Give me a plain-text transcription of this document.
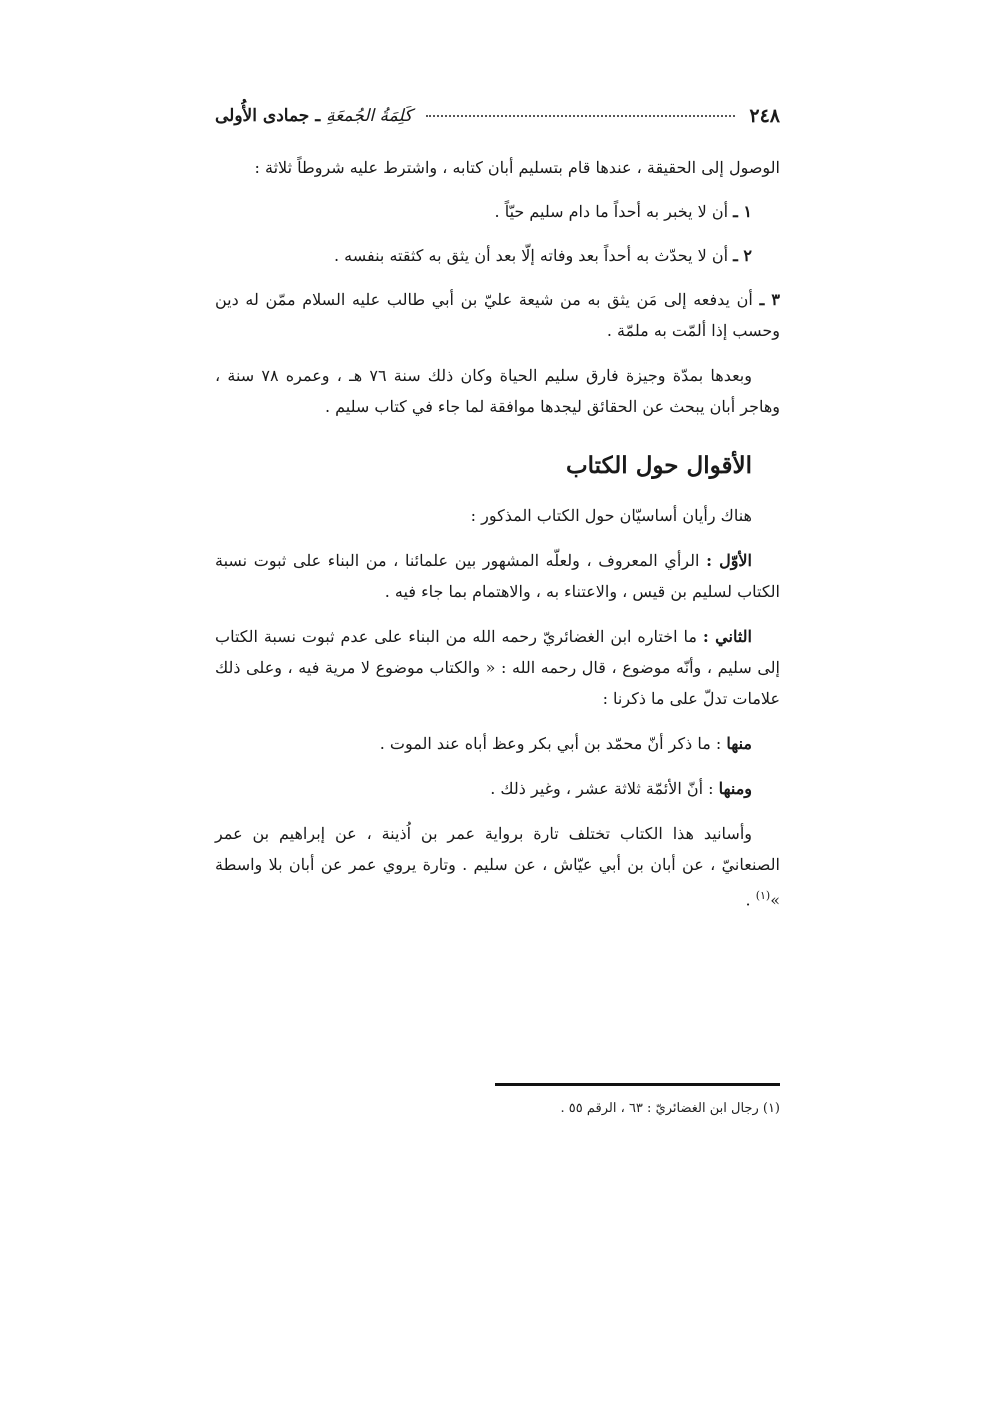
٢٤٨
كَلِمَةُ الجُمعَةِ ـ جمادى الأُولى

الوصول إلى الحقيقة ، عندها قام بتسليم أبان كتابه ، واشترط عليه شروطاً ثلاثة :

١ ـ أن لا يخبر به أحداً ما دام سليم حيّاً .

٢ ـ أن لا يحدّث به أحداً بعد وفاته إلّا بعد أن يثق به كثقته بنفسه .

٣ ـ أن يدفعه إلى مَن يثق به من شيعة عليّ بن أبي طالب عليه السلام ممّن له دين وحسب إذا ألمّت به ملمّة .

وبعدها بمدّة وجيزة فارق سليم الحياة وكان ذلك سنة ٧٦ هـ ، وعمره ٧٨ سنة ، وهاجر أبان يبحث عن الحقائق ليجدها موافقة لما جاء في كتاب سليم .

الأقوال حول الكتاب

هناك رأيان أساسيّان حول الكتاب المذكور :

الأوّل : الرأي المعروف ، ولعلّه المشهور بين علمائنا ، من البناء على ثبوت نسبة الكتاب لسليم بن قيس ، والاعتناء به ، والاهتمام بما جاء فيه .

الثاني : ما اختاره ابن الغضائريّ رحمه الله من البناء على عدم ثبوت نسبة الكتاب إلى سليم ، وأنّه موضوع ، قال رحمه الله : « والكتاب موضوع لا مرية فيه ، وعلى ذلك علامات تدلّ على ما ذكرنا :

منها : ما ذكر أنّ محمّد بن أبي بكر وعظ أباه عند الموت .

ومنها : أنّ الأئمّة ثلاثة عشر ، وغير ذلك .

وأسانيد هذا الكتاب تختلف تارة برواية عمر بن اُذينة ، عن إبراهيم بن عمر الصنعانيّ ، عن أبان بن أبي عيّاش ، عن سليم . وتارة يروي عمر عن أبان بلا واسطة »$^{(١)}$ .

(١) رجال ابن الغضائريّ : ٦٣ ، الرقم ٥٥ .
